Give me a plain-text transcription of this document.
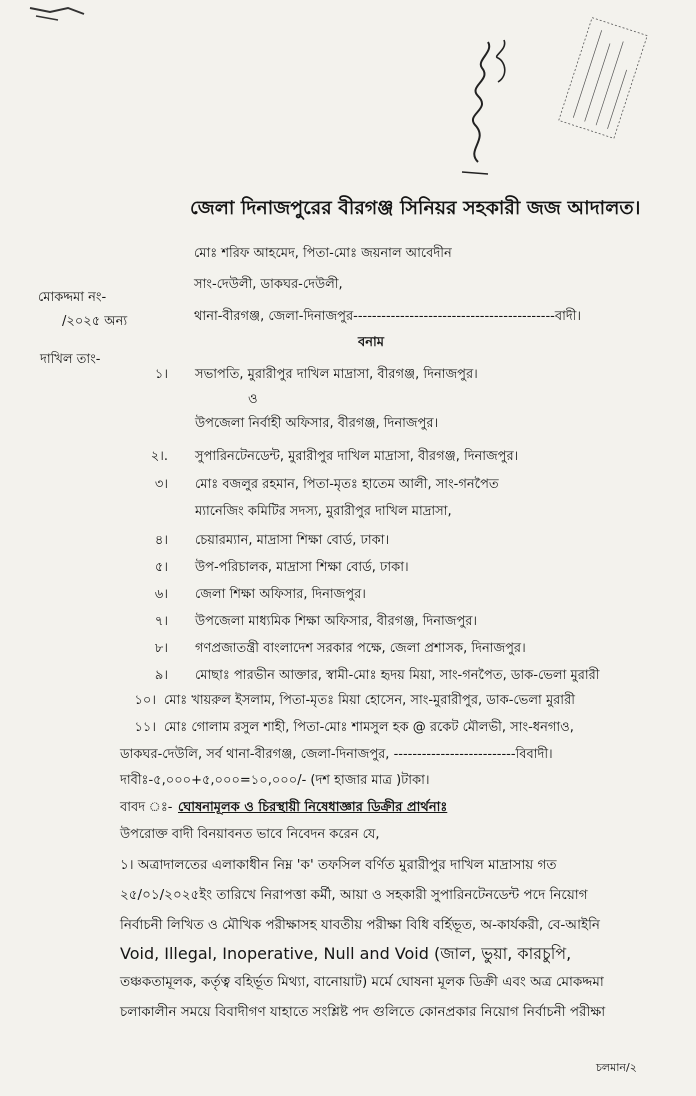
জেলা দিনাজপুরের বীরগঞ্জ সিনিয়র সহকারী জজ আদালত।
মোঃ শরিফ আহমেদ, পিতা-মোঃ জয়নাল আবেদীন
সাং-দেউলী, ডাকঘর-দেউলী,
থানা-বীরগঞ্জ, জেলা-দিনাজপুর-------------------------------------------বাদী।
মোকদ্দমা নং-
/২০২৫ অন্য
দাখিল তাং-
বনাম
১। সভাপতি, মুরারীপুর দাখিল মাদ্রাসা, বীরগঞ্জ, দিনাজপুর।
ও
উপজেলা নির্বাহী অফিসার, বীরগঞ্জ, দিনাজপুর।
২।. সুপারিনটেনডেন্ট, মুরারীপুর দাখিল মাদ্রাসা, বীরগঞ্জ, দিনাজপুর।
৩। মোঃ বজলুর রহমান, পিতা-মৃতঃ হাতেম আলী, সাং-গনপৈত
ম্যানেজিং কমিটির সদস্য, মুরারীপুর দাখিল মাদ্রাসা,
৪। চেয়ারম্যান, মাদ্রাসা শিক্ষা বোর্ড, ঢাকা।
৫। উপ-পরিচালক, মাদ্রাসা শিক্ষা বোর্ড, ঢাকা।
৬। জেলা শিক্ষা অফিসার, দিনাজপুর।
৭। উপজেলা মাধ্যমিক শিক্ষা অফিসার, বীরগঞ্জ, দিনাজপুর।
৮। গণপ্রজাতন্ত্রী বাংলাদেশ সরকার পক্ষে, জেলা প্রশাসক, দিনাজপুর।
৯। মোছাঃ পারভীন আক্তার, স্বামী-মোঃ হৃদয় মিয়া, সাং-গনপৈত, ডাক-ভেলা মুরারী
১০। মোঃ খায়রুল ইসলাম, পিতা-মৃতঃ মিয়া হোসেন, সাং-মুরারীপুর, ডাক-ভেলা মুরারী
১১। মোঃ গোলাম রসুল শাহী, পিতা-মোঃ শামসুল হক @ রকেট মৌলভী, সাং-ধনগাও,
ডাকঘর-দেউলি, সর্ব থানা-বীরগঞ্জ, জেলা-দিনাজপুর, --------------------------বিবাদী।
দাবীঃ-৫,০০০+৫,০০০=১০,০০০/- (দশ হাজার মাত্র )টাকা।
বাবদ ঃ- ঘোষনামূলক ও চিরস্থায়ী নিষেধাজ্ঞার ডিক্রীর প্রার্থনাঃ
উপরোক্ত বাদী বিনয়াবনত ভাবে নিবেদন করেন যে,
১। অত্রাদালতের এলাকাধীন নিম্ন 'ক' তফসিল বর্ণিত মুরারীপুর দাখিল মাদ্রাসায় গত
২৫/০১/২০২৫ইং তারিখে নিরাপত্তা কর্মী, আয়া ও সহকারী সুপারিনটেনডেন্ট পদে নিয়োগ
নির্বাচনী লিখিত ও মৌখিক পরীক্ষাসহ যাবতীয় পরীক্ষা বিধি বর্হিভূত, অ-কার্যকরী, বে-আইনি
Void, Illegal, Inoperative, Null and Void (জাল, ভুয়া, কারচুপি,
তঞ্চকতামূলক, কর্তৃত্ব বহির্ভূত মিথ্যা, বানোয়াট) মর্মে ঘোষনা মূলক ডিক্রী এবং অত্র মোকদ্দমা
চলাকালীন সময়ে বিবাদীগণ যাহাতে সংশ্লিষ্ট পদ গুলিতে কোনপ্রকার নিয়োগ নির্বাচনী পরীক্ষা
চলমান/২
